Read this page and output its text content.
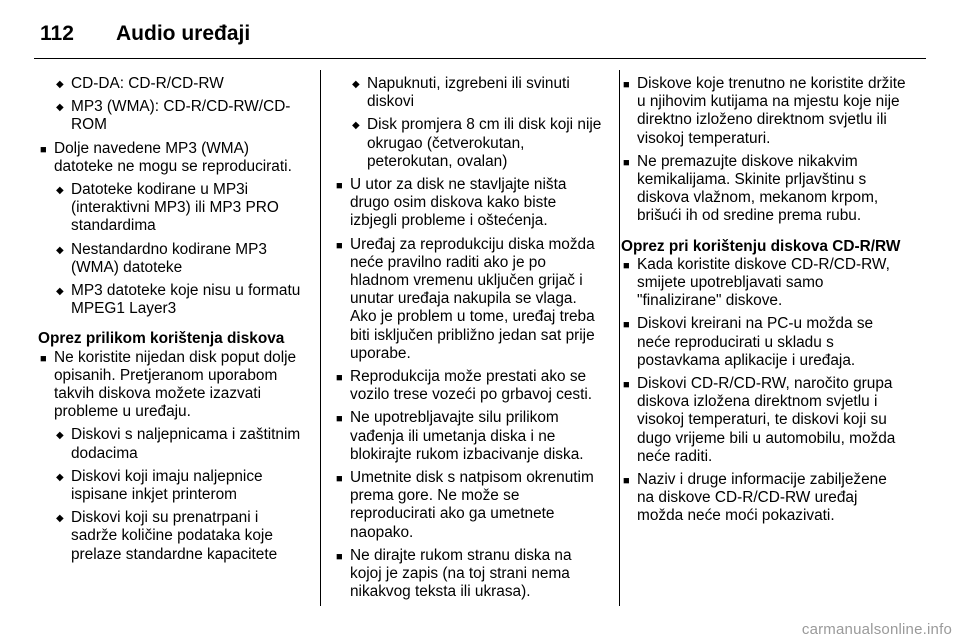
112	Audio uređaji
◆ CD-DA: CD-R/CD-RW
◆ MP3 (WMA): CD-R/CD-RW/CD-ROM
■ Dolje navedene MP3 (WMA) datoteke ne mogu se reproducirati.
◆ Datoteke kodirane u MP3i (interaktivni MP3) ili MP3 PRO standardima
◆ Nestandardno kodirane MP3 (WMA) datoteke
◆ MP3 datoteke koje nisu u formatu MPEG1 Layer3
Oprez prilikom korištenja diskova
■ Ne koristite nijedan disk poput dolje opisanih. Pretjeranom uporabom takvih diskova možete izazvati probleme u uređaju.
◆ Diskovi s naljepnicama i zaštitnim dodacima
◆ Diskovi koji imaju naljepnice ispisane inkjet printerom
◆ Diskovi koji su prenatrpani i sadrže količine podataka koje prelaze standardne kapacitete
◆ Napuknuti, izgrebeni ili svinuti diskovi
◆ Disk promjera 8 cm ili disk koji nije okrugao (četverokutan, peterokutan, ovalan)
■ U utor za disk ne stavljajte ništa drugo osim diskova kako biste izbjegli probleme i oštećenja.
■ Uređaj za reprodukciju diska možda neće pravilno raditi ako je po hladnom vremenu uključen grijač i unutar uređaja nakupila se vlaga. Ako je problem u tome, uređaj treba biti isključen približno jedan sat prije uporabe.
■ Reprodukcija može prestati ako se vozilo trese vozeći po grbavoj cesti.
■ Ne upotrebljavajte silu prilikom vađenja ili umetanja diska i ne blokirajte rukom izbacivanje diska.
■ Umetnite disk s natpisom okrenutim prema gore. Ne može se reproducirati ako ga umetnete naopako.
■ Ne dirajte rukom stranu diska na kojoj je zapis (na toj strani nema nikakvog teksta ili ukrasa).
■ Diskove koje trenutno ne koristite držite u njihovim kutijama na mjestu koje nije direktno izloženo direktnom svjetlu ili visokoj temperaturi.
■ Ne premazujte diskove nikakvim kemikalijama. Skinite prljavštinu s diskova vlažnom, mekanom krpom, brišući ih od sredine prema rubu.
Oprez pri korištenju diskova CD-R/RW
■ Kada koristite diskove CD-R/CD-RW, smijete upotrebljavati samo "finalizirane" diskove.
■ Diskovi kreirani na PC-u možda se neće reproducirati u skladu s postavkama aplikacije i uređaja.
■ Diskovi CD-R/CD-RW, naročito grupa diskova izložena direktnom svjetlu i visokoj temperaturi, te diskovi koji su dugo vrijeme bili u automobilu, možda neće raditi.
■ Naziv i druge informacije zabilježene na diskove CD-R/CD-RW uređaj možda neće moći pokazivati.
carmanualsonline.info
